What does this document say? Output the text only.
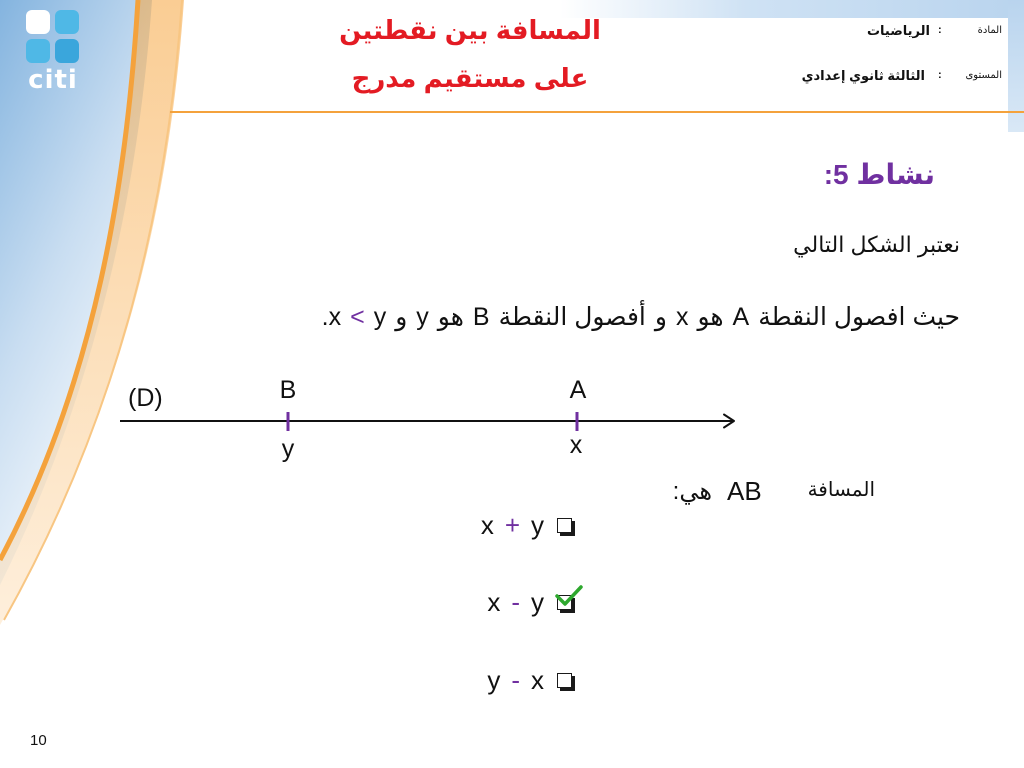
citi
المسافة بين نقطتين
على مستقيم مدرج
المادة
:
الرياضيات
المستوى
:
الثالثة ثانوي إعدادي
نشاط 5:
نعتبر الشكل التالي
حيث افصول النقطة
A
هو
x
و
أفصول النقطة
B
هو
y
و
y
<
x.
(D)	B
y
A
x
المسافة
AB
هي:
x + y
x - y
y - x
10
